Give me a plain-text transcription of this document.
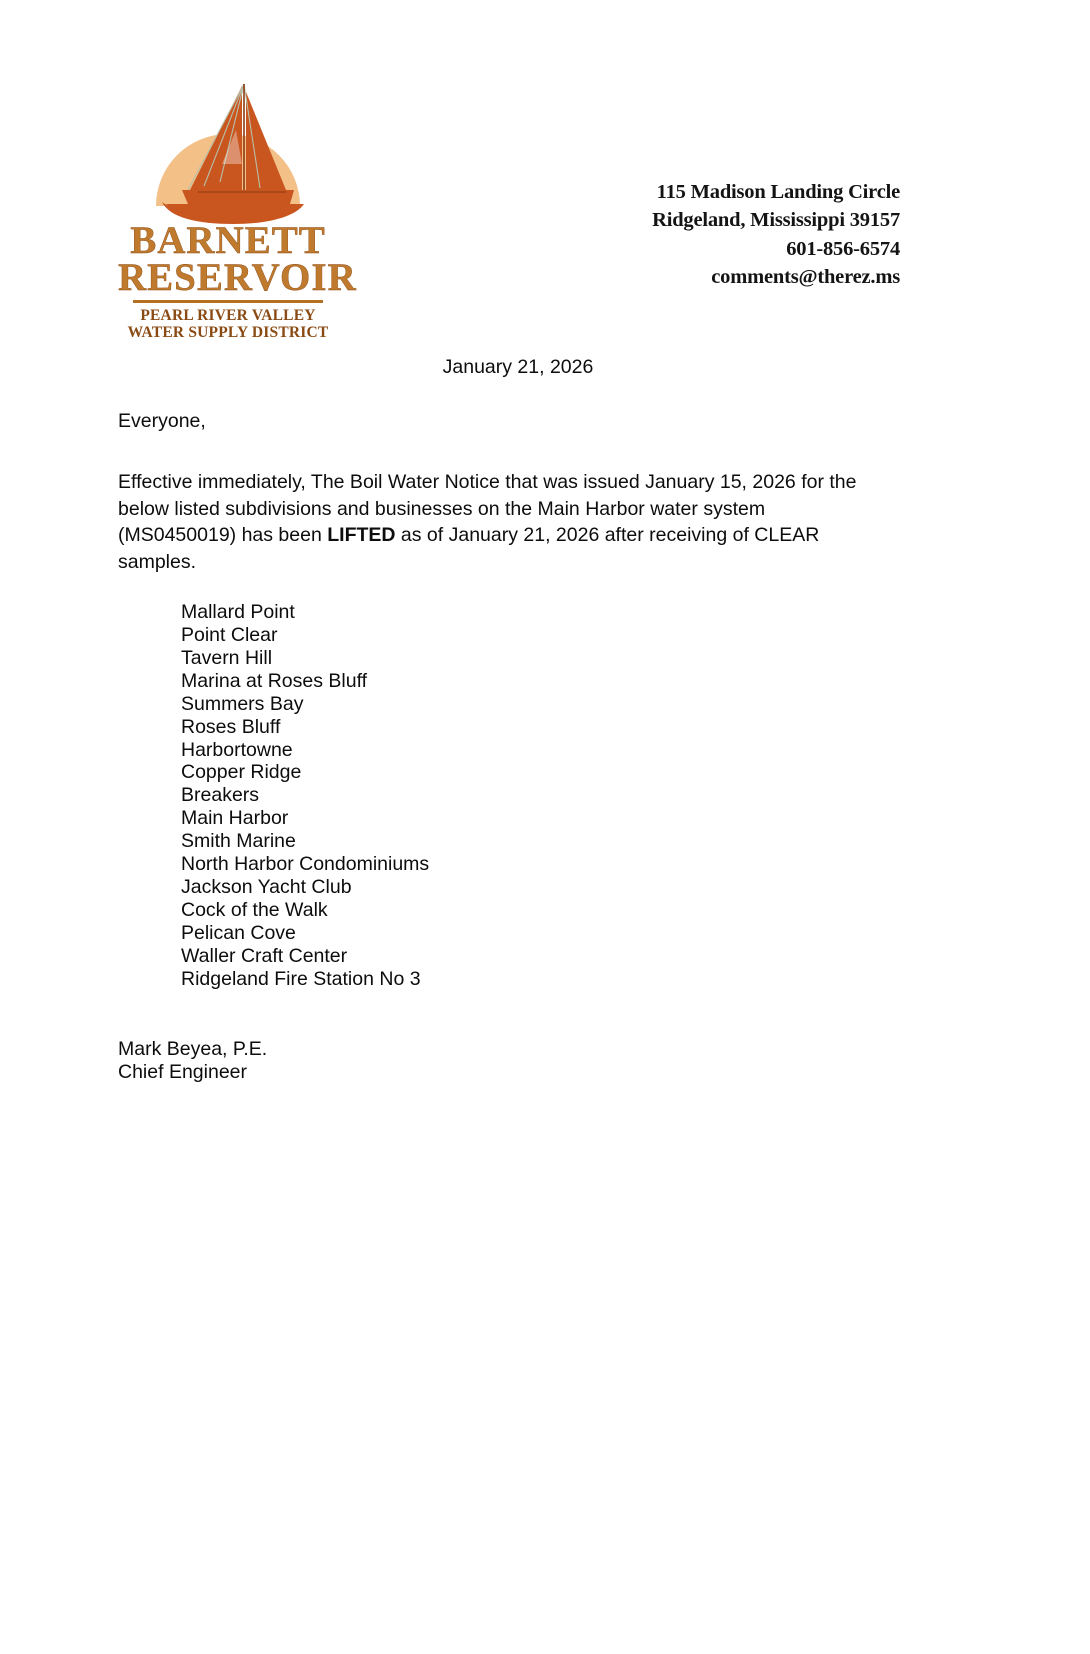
BARNETT
RESERVOIR
PEARL RIVER VALLEY
WATER SUPPLY DISTRICT
115 Madison Landing Circle
Ridgeland, Mississippi 39157
601-856-6574
comments@therez.ms
January 21, 2026
Everyone,

Effective immediately, The Boil Water Notice that was issued January 15, 2026 for the below listed subdivisions and businesses on the Main Harbor water system (MS0450019) has been LIFTED as of January 21, 2026 after receiving of CLEAR samples.

Mallard Point
Point Clear
Tavern Hill
Marina at Roses Bluff
Summers Bay
Roses Bluff
Harbortowne
Copper Ridge
Breakers
Main Harbor
Smith Marine
North Harbor Condominiums
Jackson Yacht Club
Cock of the Walk
Pelican Cove
Waller Craft Center
Ridgeland Fire Station No 3
Mark Beyea, P.E.
Chief Engineer
